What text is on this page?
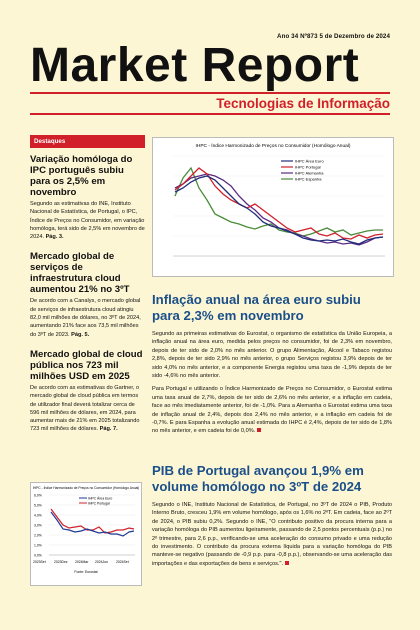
Ano 34 Nº873 5 de Dezembro de 2024
Market Report
Tecnologias de Informação
Destaques

Variação homóloga do IPC português subiu para os 2,5% em novembro

Segundo as estimativas do INE, Instituto Nacional de Estatística, de Portugal, o IPC, Índice de Preços no Consumidor, em variação homóloga, terá sido de 2,5% em novembro de 2024. Pág. 3.

Mercado global de serviços de infraestrutura cloud aumentou 21% no 3ºT

De acordo com a Canalys, o mercado global de serviços de infraestrutura cloud atingiu 82,0 mil milhões de dólares, no 3ºT de 2024, aumentando 21% face aos 73,5 mil milhões do 3ºT de 2023. Pág. 5.

Mercado global de cloud pública nos 723 mil milhões USD em 2025

De acordo com as estimativas do Gartner, o mercado global de cloud pública em termos de utilizador final deverá totalizar cerca de 596 mil milhões de dólares, em 2024, para aumentar mais de 21% em 2025 totalizando 723 mil milhões de dólares. Pág. 7.
IHPC - Índice Harmonizado de Preços no Consumidor (Homólogo Anual)
6,0%
5,0%
4,0%
3,0%
2,0%
1,0%
0,0%
IHPC Área Euro
IHPC Portugal
2023Set 2023Dez 2024Mar 2024Jun 2024Set
Fonte: Eurostat
IHPC - Índice Harmonizado de Preços no Consumidor (Homólogo Anual)
IHPC Área Euro
IHPC Portugal
IHPC Alemanha
IHPC Espanha
Inflação anual na área euro subiu para 2,3% em novembro

Segundo as primeiras estimativas do Eurostat, o organismo de estatística da União Europeia, a inflação anual na área euro, medida pelos preços no consumidor, foi de 2,3% em novembro, depois de ter sido de 2,0% no mês anterior. O grupo Alimentação, Álcool e Tabaco registou 2,8%, depois de ter sido 2,9% no mês anterior, o grupo Serviços registou 3,9% depois de ter sido 4,0% no mês anterior, e a componente Energia registou uma taxa de -1,9% depois de ter sido -4,6% no mês anterior.

Para Portugal e utilizando o Índice Harmonizado de Preços no Consumidor, o Eurostat estima uma taxa anual de 2,7%, depois de ter sido de 2,6% no mês anterior, e a inflação em cadeia, face ao mês imediatamente anterior, foi de -1,0%. Para a Alemanha o Eurostat estima uma taxa de inflação anual de 2,4%, depois dos 2,4% no mês anterior, e a inflação em cadeia foi de -0,7%. E para Espanha a evolução anual estimada do IHPC é 2,4%, depois de ter sido de 1,8% no mês anterior, e em cadeia foi de 0,0%.

PIB de Portugal avançou 1,9% em volume homólogo no 3ºT de 2024

Segundo o INE, Instituto Nacional de Estatística, de Portugal, no 3ºT de 2024 o PIB, Produto Interno Bruto, cresceu 1,9% em volume homólogo, após os 1,6% no 2ºT. Em cadeia, face ao 2ºT de 2024, o PIB subiu 0,2%. Segundo o INE, "O contributo positivo da procura interna para a variação homóloga do PIB aumentou ligeiramente, passando de 2,5 pontos percentuais (p.p.) no 2º trimestre, para 2,6 p.p., verificando-se uma aceleração do consumo privado e uma redução do investimento. O contributo da procura externa líquida para a variação homóloga do PIB manteve-se negativo (passando de -0,9 p.p. para -0,8 p.p.), observando-se uma aceleração das importações e das exportações de bens e serviços.".
